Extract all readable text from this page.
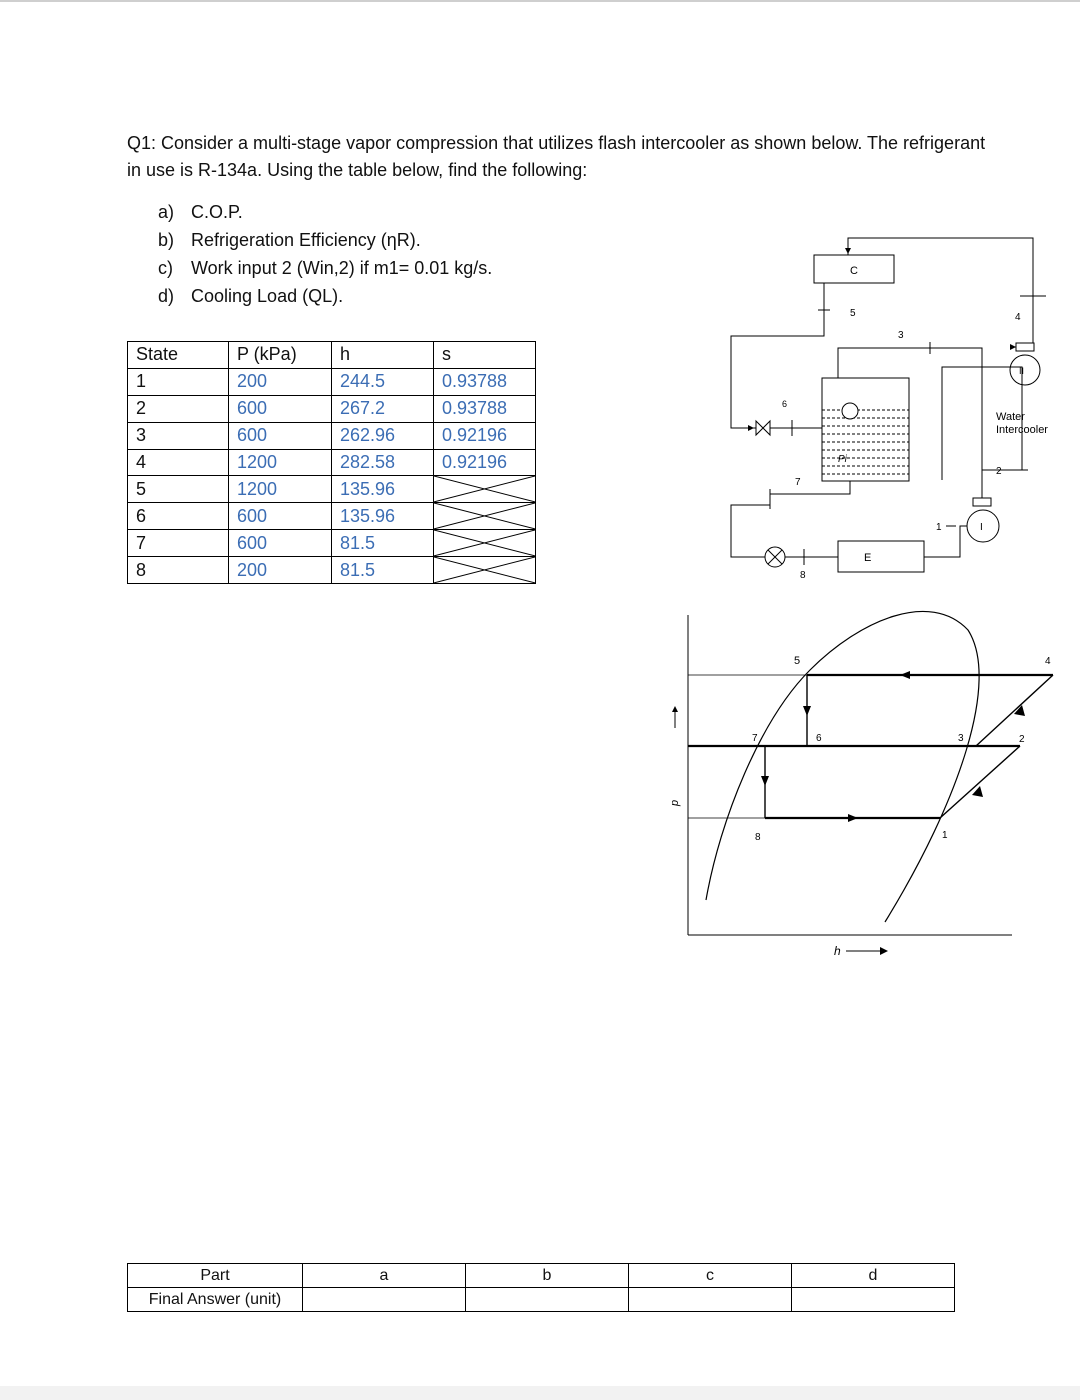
Q1: Consider a multi-stage vapor compression that utilizes flash intercooler as shown below. The refrigerant in use is R-134a. Using the table below, find the following:
a) C.O.P.
b) Refrigeration Efficiency (ηR).
c) Work input 2 (Win,2) if m1= 0.01 kg/s.
d) Cooling Load (QL).
State	P (kPa)	h	s
1	200	244.5	0.93788
2	600	267.2	0.93788
3	600	262.96	0.92196
4	1200	282.58	0.92196
5	1200	135.96	

6	600	135.96	

7	600	81.5	

8	200	81.5	
C
4
5
6
Pi
3
7
8
E
1	I
2
II
Water
Intercooler
p
h
1
2
3
4
5
6
7
8
Part	a	b	c	d
Final Answer (unit)				
